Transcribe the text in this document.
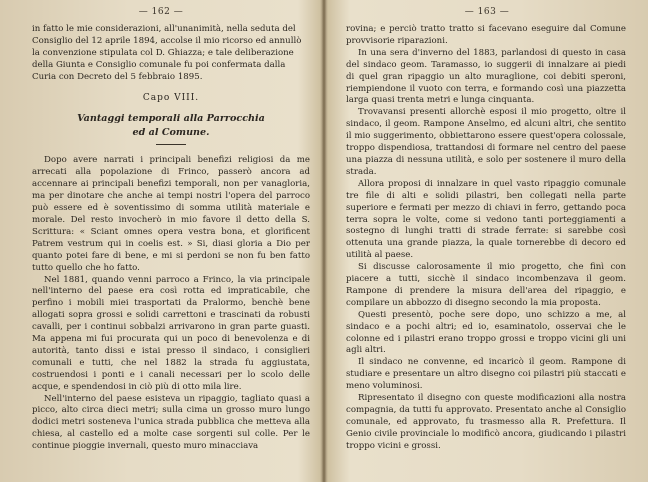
— 162 —

in fatto le mie considerazioni, all'unanimità, nella seduta del

Consiglio del 12 aprile 1894, accolse il mio ricorso ed annullò

la convenzione stipulata col D. Ghiazza; e tale deliberazione

della Giunta e Consiglio comunale fu poi confermata dalla

Curia con Decreto del 5 febbraio 1895.

Capo VIII.
Vantaggi temporali alla Parrocchia
ed al Comune.

Dopo avere narrati i principali benefizi religiosi da me arrecati alla popolazione di Frinco, passerò ancora ad accennare ai principali benefizi temporali, non per vanagloria, ma per dinotare che anche ai tempi nostri l'opera del parroco può essere ed è soventissimo di somma utilità materiale e morale. Del resto invocherò in mio favore il detto della S. Scrittura: « Sciant omnes opera vestra bona, et glorificent Patrem vestrum qui in coelis est. » Si, diasi gloria a Dio per quanto potei fare di bene, e mi si perdoni se non fu ben fatto tutto quello che ho fatto.

Nel 1881, quando venni parroco a Frinco, la via principale nell'interno del paese era così rotta ed impraticabile, che perfino i mobili miei trasportati da Pralormo, benchè bene allogati sopra grossi e solidi carrettoni e trascinati da robusti cavalli, per i continui sobbalzi arrivarono in gran parte guasti. Ma appena mi fui procurata qui un poco di benevolenza e di autorità, tanto dissi e istai presso il sindaco, i consiglieri comunali e tutti, che nel 1882 la strada fu aggiustata, costruendosi i ponti e i canali necessari per lo scolo delle acque, e spendendosi in ciò più di otto mila lire.

Nell'interno del paese esisteva un ripaggio, tagliato quasi a picco, alto circa dieci metri; sulla cima un grosso muro lungo dodici metri sosteneva l'unica strada pubblica che metteva alla chiesa, al castello ed a molte case sorgenti sul colle. Per le continue pioggie invernali, questo muro minacciava

— 163 —

rovina; e perciò tratto tratto si facevano eseguire dal Comune provvisorie riparazioni.

In una sera d'inverno del 1883, parlandosi di questo in casa del sindaco geom. Taramasso, io suggerii di innalzare ai piedi di quel gran ripaggio un alto muraglione, coi debiti speroni, riempiendone il vuoto con terra, e formando così una piazzetta larga quasi trenta metri e lunga cinquanta.

Trovavansi presenti allorchè esposi il mio progetto, oltre il sindaco, il geom. Rampone Anselmo, ed alcuni altri, che sentito il mio suggerimento, obbiettarono essere quest'opera colossale, troppo dispendiosa, trattandosi di formare nel centro del paese una piazza di nessuna utilità, e solo per sostenere il muro della strada.

Allora proposi di innalzare in quel vasto ripaggio comunale tre file di alti e solidi pilastri, ben collegati nella parte superiore e fermati per mezzo di chiavi in ferro, gettando poca terra sopra le volte, come si vedono tanti porteggiamenti a sostegno di lunghi tratti di strade ferrate: si sarebbe così ottenuta una grande piazza, la quale tornerebbe di decoro ed utilità al paese.

Si discusse calorosamente il mio progetto, che finì con piacere a tutti, sicchè il sindaco incombenzava il geom. Rampone di prendere la misura dell'area del ripaggio, e compilare un abbozzo di disegno secondo la mia proposta.

Questi presentò, poche sere dopo, uno schizzo a me, al sindaco e a pochi altri; ed io, esaminatolo, osservai che le colonne ed i pilastri erano troppo grossi e troppo vicini gli uni agli altri.

Il sindaco ne convenne, ed incaricò il geom. Rampone di studiare e presentare un altro disegno coi pilastri più staccati e meno voluminosi.

Ripresentato il disegno con queste modificazioni alla nostra compagnia, da tutti fu approvato. Presentato anche al Consiglio comunale, ed approvato, fu trasmesso alla R. Prefettura. Il Genio civile provinciale lo modificò ancora, giudicando i pilastri troppo vicini e grossi.
